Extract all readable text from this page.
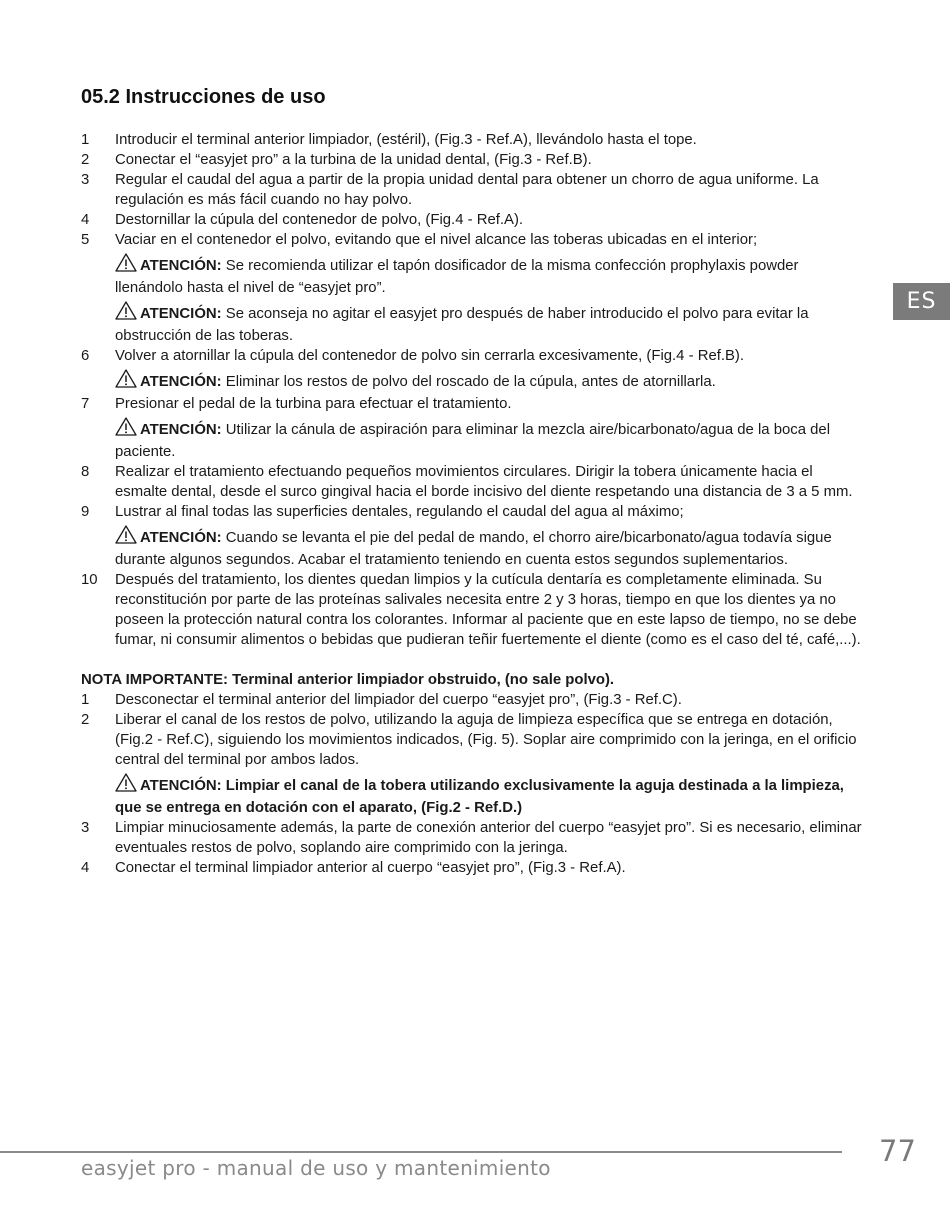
05.2 Instrucciones de uso
ES
1	Introducir el terminal anterior limpiador, (estéril), (Fig.3 - Ref.A), llevándolo hasta el tope.
2	Conectar el “easyjet pro” a la turbina de la unidad dental, (Fig.3 - Ref.B).
3	Regular el caudal del agua a partir de la propia unidad dental para obtener un chorro de agua uniforme. La regulación es más fácil cuando no hay polvo.
4	Destornillar la cúpula del contenedor de polvo, (Fig.4 - Ref.A).
5	Vaciar en el contenedor el polvo, evitando que el nivel alcance las toberas ubicadas en el interior;
ATENCIÓN: Se recomienda utilizar el tapón dosificador de la misma confección prophylaxis powder llenándolo hasta el nivel de “easyjet pro”.
ATENCIÓN: Se aconseja no agitar el easyjet pro después de haber introducido el polvo para evitar la obstrucción de las toberas.
6	Volver a atornillar la cúpula del contenedor de polvo sin cerrarla excesivamente, (Fig.4 - Ref.B).
ATENCIÓN: Eliminar los restos de polvo del roscado de la cúpula, antes de atornillarla.
7	Presionar el pedal de la turbina para efectuar el tratamiento.
ATENCIÓN: Utilizar la cánula de aspiración para eliminar la mezcla aire/bicarbonato/agua de la boca del paciente.
8	Realizar el tratamiento efectuando pequeños movimientos circulares. Dirigir la tobera únicamente hacia el esmalte dental, desde el surco gingival hacia el borde incisivo del diente respetando una distancia de 3 a 5 mm.
9	Lustrar al final todas las superficies dentales, regulando el caudal del agua al máximo;
ATENCIÓN: Cuando se levanta el pie del pedal de mando, el chorro aire/bicarbonato/agua todavía sigue durante algunos segundos. Acabar el tratamiento teniendo en cuenta estos segundos suplementarios.
10	Después del tratamiento, los dientes quedan limpios y la cutícula dentaría es completamente eliminada. Su reconstitución por parte de las proteínas salivales necesita entre 2 y 3 horas, tiempo en que los dientes ya no poseen la protección natural contra los colorantes. Informar al paciente que en este lapso de tiempo, no se debe fumar, ni consumir alimentos o bebidas que pudieran teñir fuertemente el diente (como es el caso del té, café,...).
NOTA IMPORTANTE: Terminal anterior limpiador obstruido, (no sale polvo).
1	Desconectar el terminal anterior del limpiador del cuerpo “easyjet pro”, (Fig.3 - Ref.C).
2	Liberar el canal de los restos de polvo, utilizando la aguja de limpieza específica que se entrega en dotación, (Fig.2 - Ref.C), siguiendo los movimientos indicados, (Fig. 5). Soplar aire comprimido con la jeringa, en el orificio central del terminal por ambos lados.
ATENCIÓN: Limpiar el canal de la tobera utilizando exclusivamente la aguja destinada a la limpieza, que se entrega en dotación con el aparato, (Fig.2 - Ref.D.)
3	Limpiar minuciosamente además, la parte de conexión anterior del cuerpo “easyjet pro”. Si es necesario, eliminar eventuales restos de polvo, soplando aire comprimido con la jeringa.
4	Conectar el terminal limpiador anterior al cuerpo “easyjet pro”, (Fig.3 - Ref.A).
easyjet pro - manual de uso y mantenimiento	77
